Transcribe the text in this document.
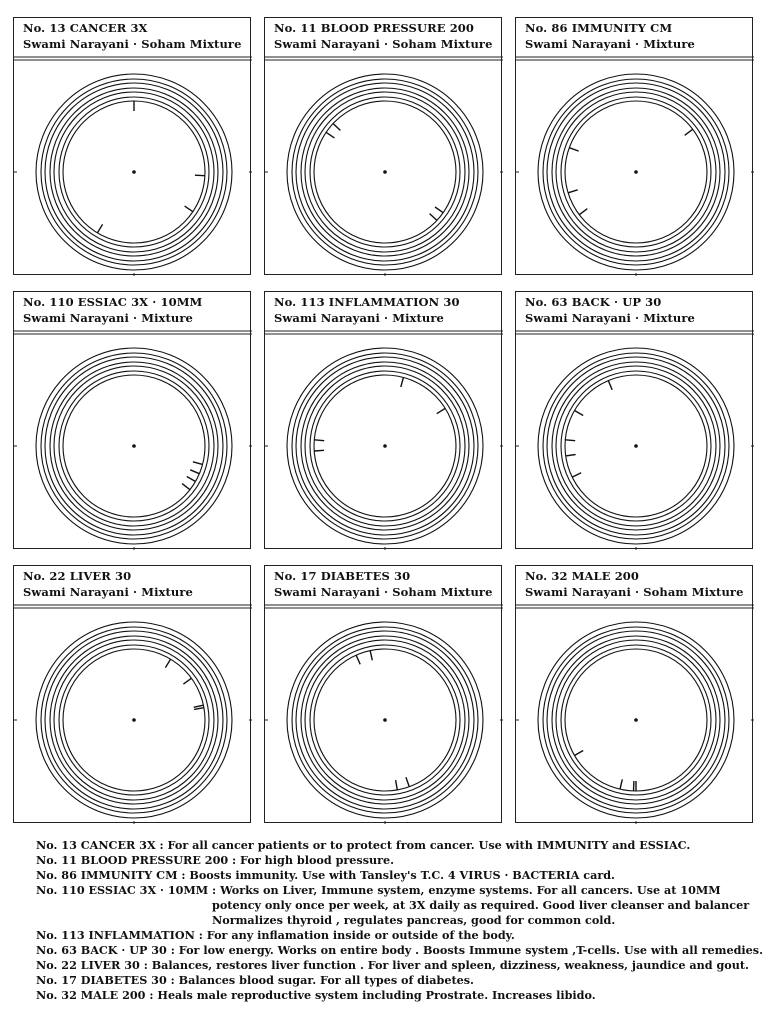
No. 13 CANCER 3X
Swami Narayani · Soham Mixture
No. 11 BLOOD PRESSURE 200
Swami Narayani · Soham Mixture
No. 86 IMMUNITY CM
Swami Narayani · Mixture
No. 110 ESSIAC 3X · 10MM
Swami Narayani · Mixture
No. 113 INFLAMMATION 30
Swami Narayani · Mixture
No. 63 BACK · UP 30
Swami Narayani · Mixture
No. 22 LIVER 30
Swami Narayani · Mixture
No. 17 DIABETES 30
Swami Narayani · Soham Mixture
No. 32 MALE 200
Swami Narayani · Soham Mixture
No. 13 CANCER 3X : For all cancer patients or to protect from cancer. Use with IMMUNITY and ESSIAC.
No. 11 BLOOD PRESSURE 200 : For high blood pressure.
No. 86 IMMUNITY CM : Boosts immunity. Use with Tansley's T.C. 4 VIRUS · BACTERIA card.
No. 110 ESSIAC 3X · 10MM : Works on Liver, Immune system, enzyme systems. For all cancers. Use at 10MM
potency only once per week, at 3X daily as required. Good liver cleanser and balancer
Normalizes thyroid , regulates pancreas, good for common cold.
No. 113 INFLAMMATION : For any inflamation inside or outside of the body.
No. 63 BACK · UP 30 : For low energy. Works on entire body . Boosts Immune system ,T-cells. Use with all remedies.
No. 22 LIVER 30 : Balances, restores liver function . For liver and spleen, dizziness, weakness, jaundice and gout.
No. 17 DIABETES 30 : Balances blood sugar. For all types of diabetes.
No. 32 MALE 200 : Heals male reproductive system including Prostrate. Increases libido.
